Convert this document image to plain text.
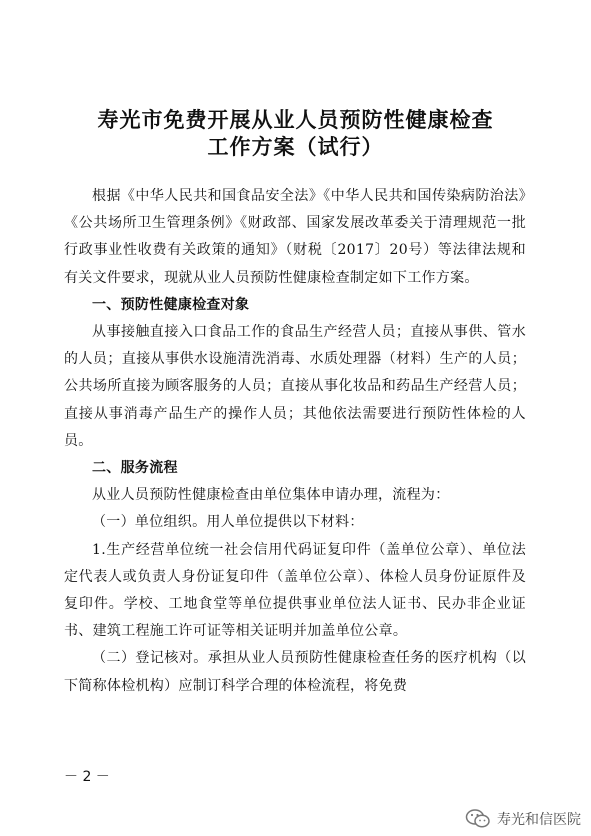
寿光市免费开展从业人员预防性健康检查
工作方案（试行）

根据《中华人民共和国食品安全法》《中华人民共和国传染病防治法》《公共场所卫生管理条例》《财政部、国家发展改革委关于清理规范一批行政事业性收费有关政策的通知》（财税〔2017〕20号）等法律法规和有关文件要求，现就从业人员预防性健康检查制定如下工作方案。

一、预防性健康检查对象

从事接触直接入口食品工作的食品生产经营人员；直接从事供、管水的人员；直接从事供水设施清洗消毒、水质处理器（材料）生产的人员；公共场所直接为顾客服务的人员；直接从事化妆品和药品生产经营人员；直接从事消毒产品生产的操作人员；其他依法需要进行预防性体检的人员。

二、服务流程

从业人员预防性健康检查由单位集体申请办理，流程为：

（一）单位组织。用人单位提供以下材料：

1.生产经营单位统一社会信用代码证复印件（盖单位公章）、单位法定代表人或负责人身份证复印件（盖单位公章）、体检人员身份证原件及复印件。学校、工地食堂等单位提供事业单位法人证书、民办非企业证书、建筑工程施工许可证等相关证明并加盖单位公章。

（二）登记核对。承担从业人员预防性健康检查任务的医疗机构（以下简称体检机构）应制订科学合理的体检流程，将免费

－ 2 －
寿光和信医院
